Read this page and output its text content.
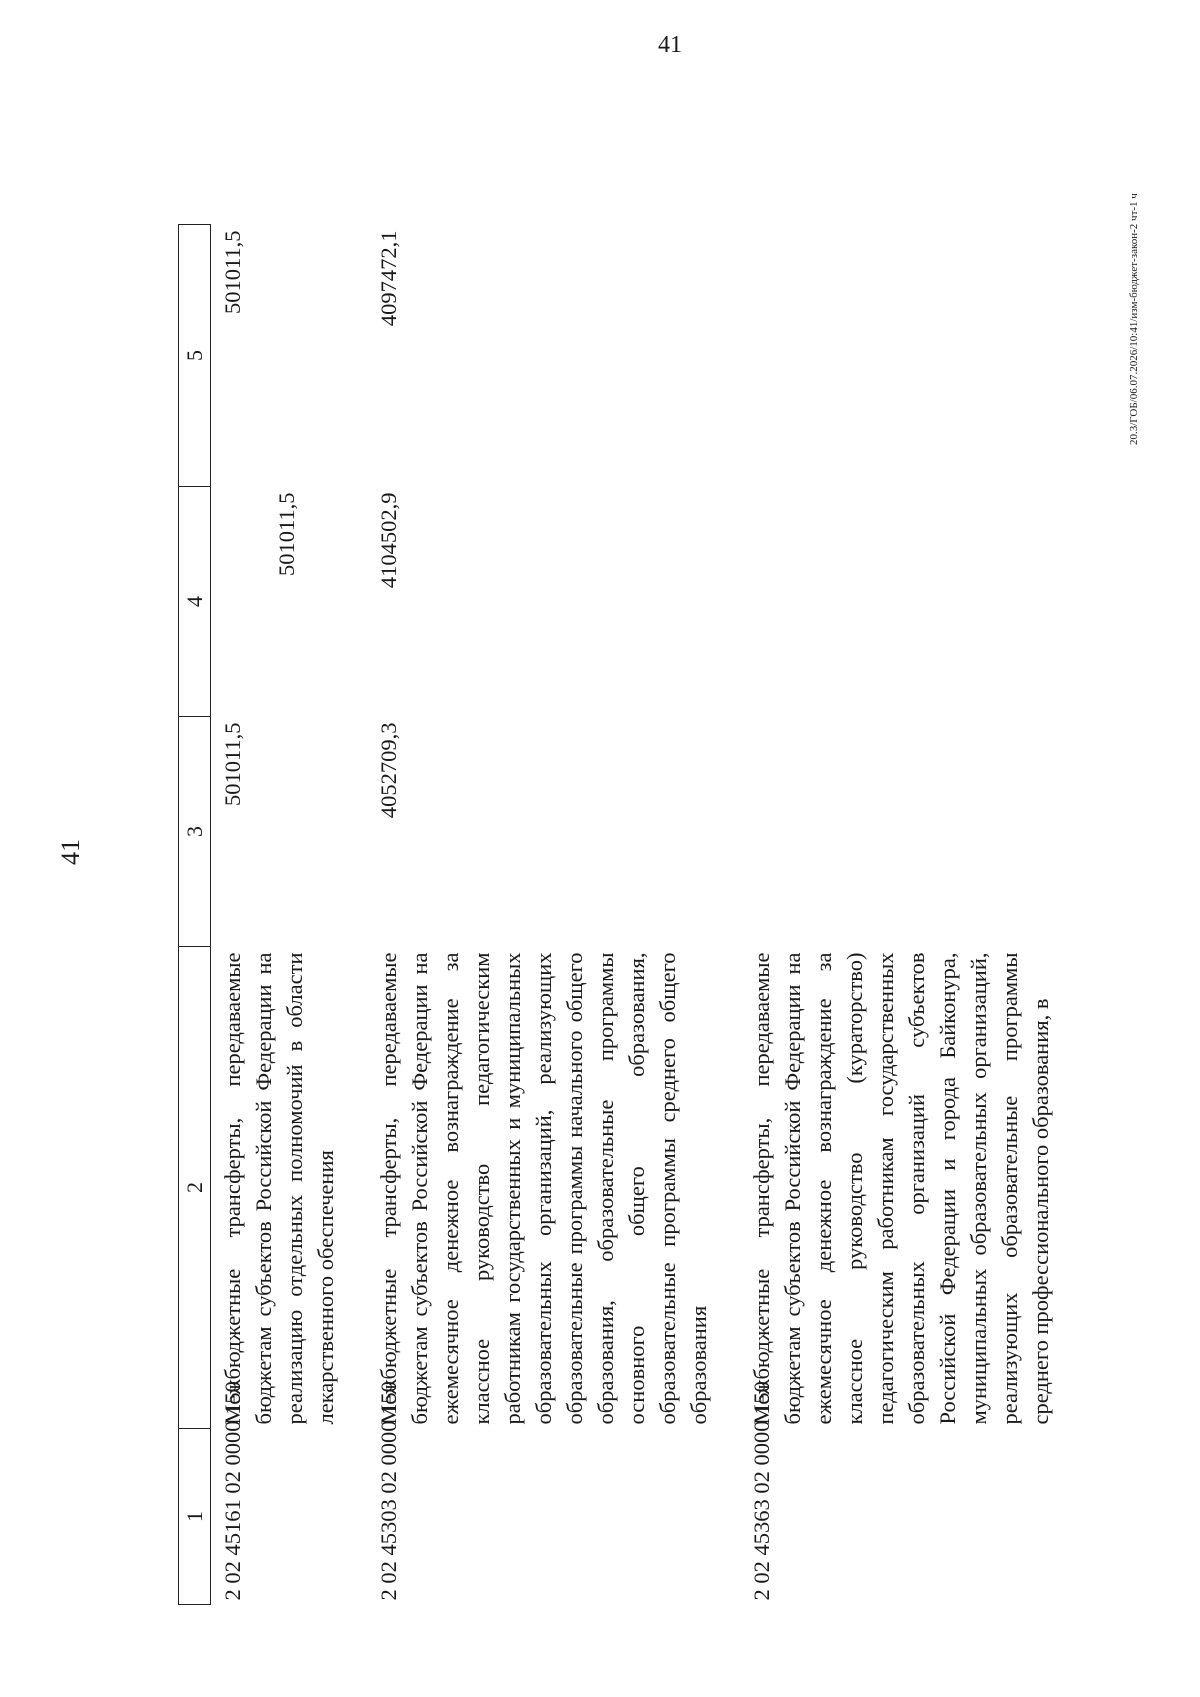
41
41
1	2	3	4	5
2 02 45161 02 0000 150	Межбюджетные трансферты, передаваемые бюджетам субъектов Российской Федерации на реализацию отдельных полномочий в области лекарственного обеспечения	501011,5	501011,5	501011,5
2 02 45303 02 0000 150	Межбюджетные трансферты, передаваемые бюджетам субъектов Российской Федерации на ежемесячное денежное вознаграждение за классное руководство педагогическим работникам государственных и муниципальных образовательных организаций, реализующих образовательные программы начального общего образования, образовательные программы основного общего образования, образовательные программы среднего общего образования	4052709,3	4104502,9	4097472,1
2 02 45363 02 0000 150	Межбюджетные трансферты, передаваемые бюджетам субъектов Российской Федерации на ежемесячное денежное вознаграждение за классное руководство (кураторство) педагогическим работникам государственных образовательных организаций субъектов Российской Федерации и города Байконура, муниципальных образовательных организаций, реализующих образовательные программы среднего профессионального образования, в			
20.3/ГОБ/06.07.2026/10:41/изм-бюджет-закон-2 чт-1 ч
